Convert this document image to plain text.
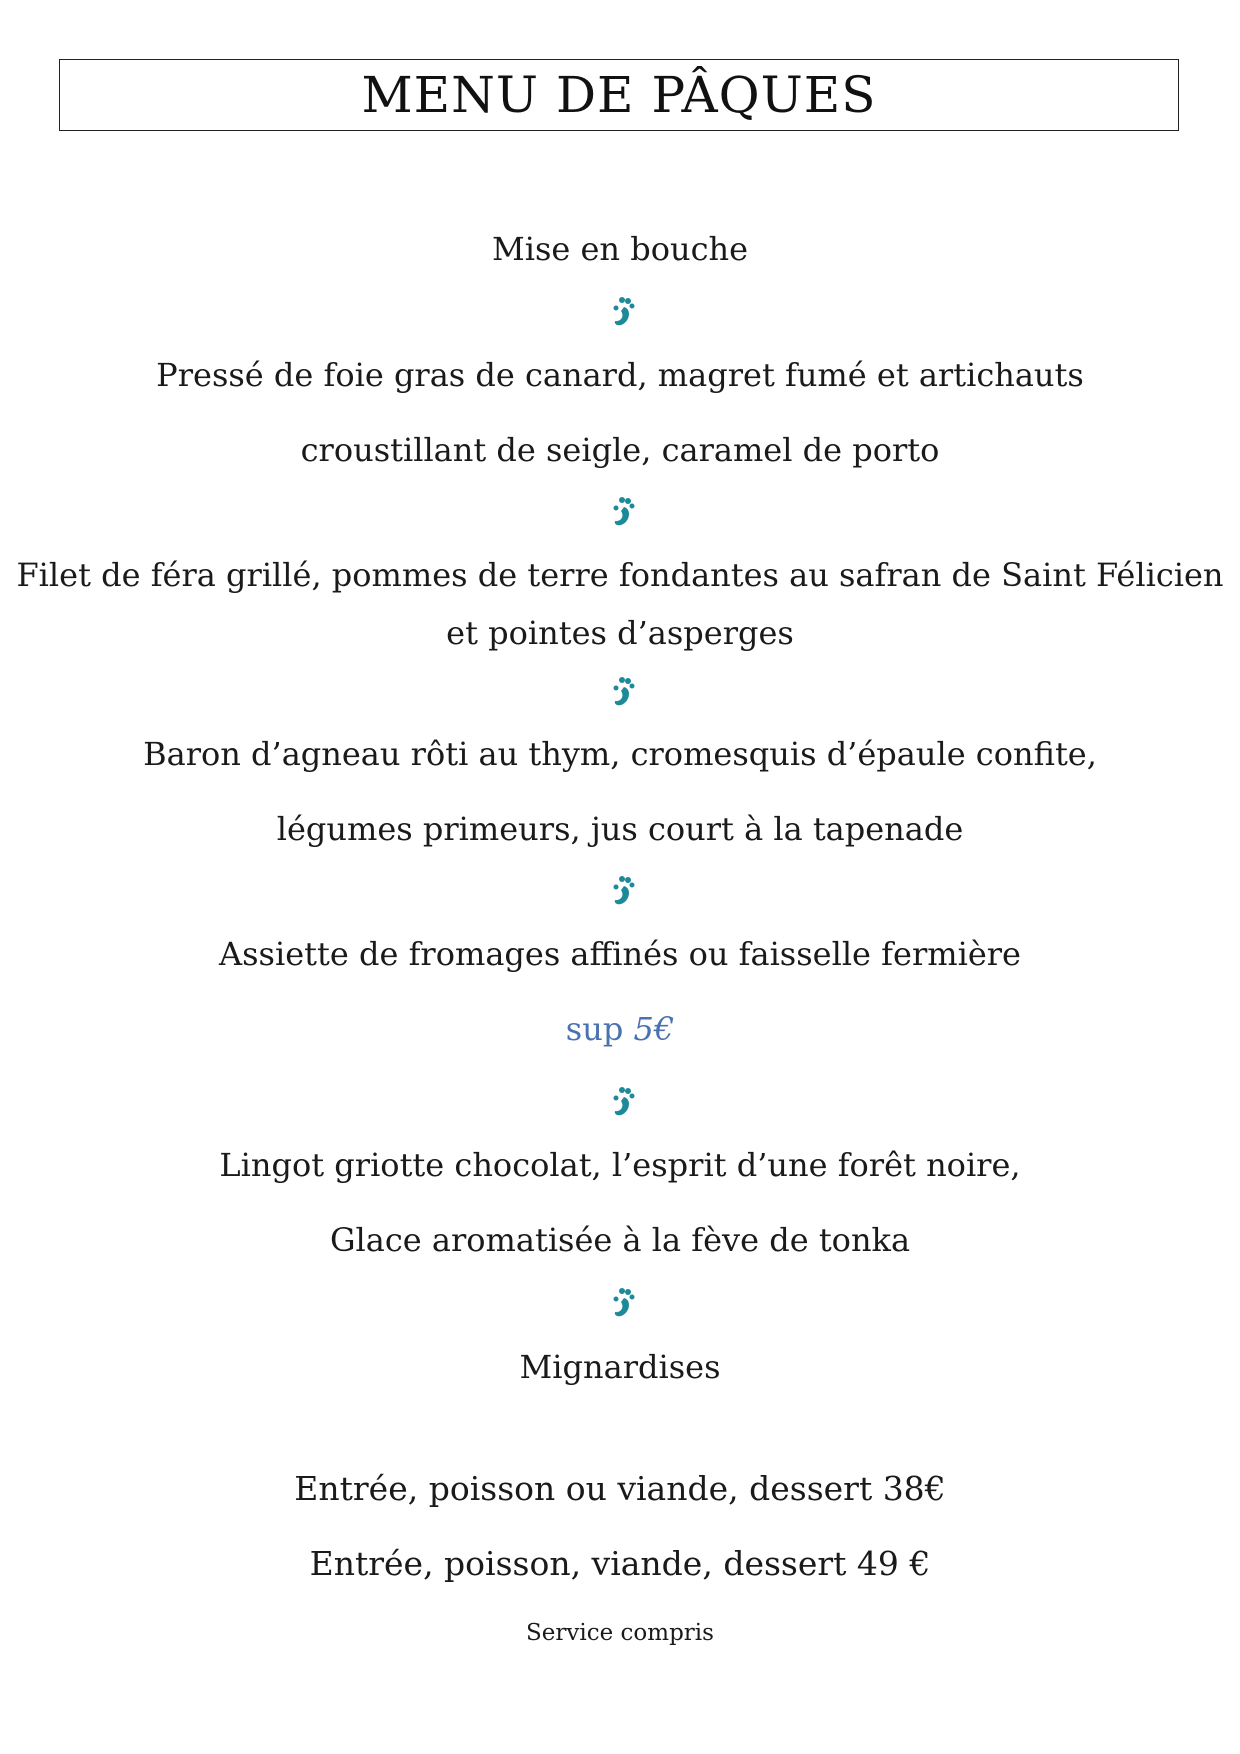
MENU DE PÂQUES
Mise en bouche
Pressé de foie gras de canard, magret fumé et artichauts
croustillant de seigle, caramel de porto
Filet de féra grillé, pommes de terre fondantes au safran de Saint Félicien
et pointes d’asperges
Baron d’agneau rôti au thym, cromesquis d’épaule confite,
légumes primeurs, jus court à la tapenade
Assiette de fromages affinés ou faisselle fermière
sup 5€
Lingot griotte chocolat, l’esprit d’une forêt noire,
Glace aromatisée à la fève de tonka
Mignardises
Entrée, poisson ou viande, dessert 38€
Entrée, poisson, viande, dessert 49 €
Service compris
